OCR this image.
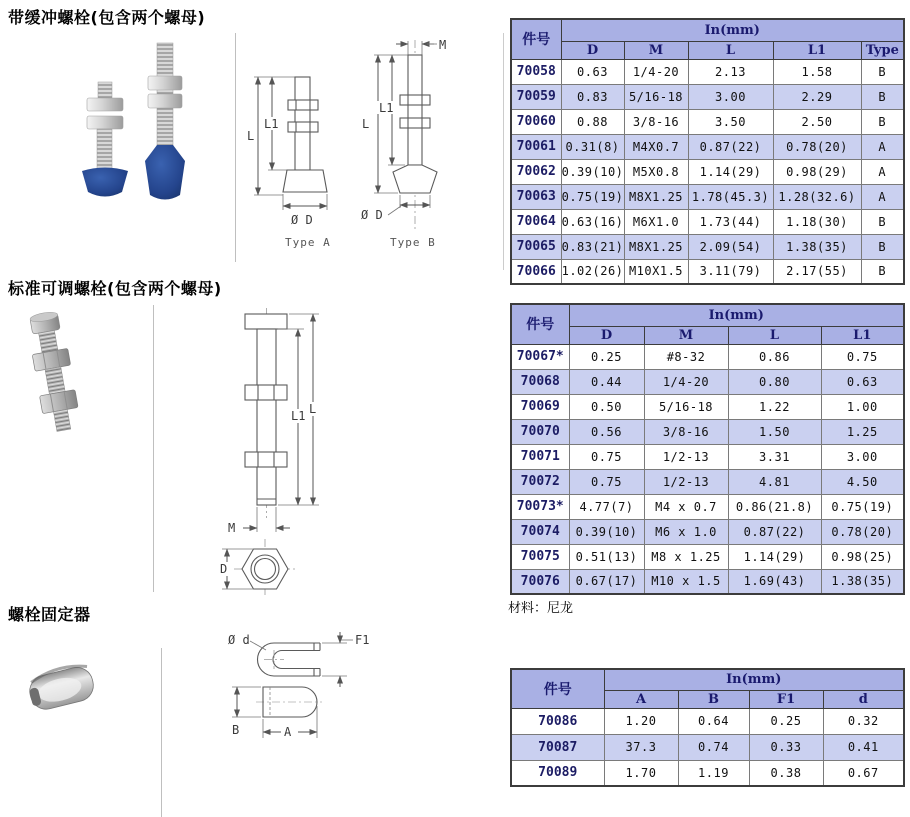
带缓冲螺栓(包含两个螺母)
L
L1
Ø D
Type A
M
L
L1
Ø D
Type B
标准可调螺栓(包含两个螺母)
M
L1 L
D
螺栓固定器
Ø d	F1
B	A
件号	In(mm)				
	D	M	L	L1	Type
70058	0.63	1/4-20	2.13	1.58	B
70059	0.83	5/16-18	3.00	2.29	B
70060	0.88	3/8-16	3.50	2.50	B
70061	0.31(8)	M4X0.7	0.87(22)	0.78(20)	A
70062	0.39(10)	M5X0.8	1.14(29)	0.98(29)	A
70063	0.75(19)	M8X1.25	1.78(45.3)	1.28(32.6)	A
70064	0.63(16)	M6X1.0	1.73(44)	1.18(30)	B
70065	0.83(21)	M8X1.25	2.09(54)	1.38(35)	B
70066	1.02(26)	M10X1.5	3.11(79)	2.17(55)	B
件号	In(mm)			
	D	M	L	L1
70067*	0.25	#8-32	0.86	0.75
70068	0.44	1/4-20	0.80	0.63
70069	0.50	5/16-18	1.22	1.00
70070	0.56	3/8-16	1.50	1.25
70071	0.75	1/2-13	3.31	3.00
70072	0.75	1/2-13	4.81	4.50
70073*	4.77(7)	M4 x 0.7	0.86(21.8)	0.75(19)
70074	0.39(10)	M6 x 1.0	0.87(22)	0.78(20)
70075	0.51(13)	M8 x 1.25	1.14(29)	0.98(25)
70076	0.67(17)	M10 x 1.5	1.69(43)	1.38(35)
材料：尼龙
件号	In(mm)			
	A	B	F1	d
70086	1.20	0.64	0.25	0.32
70087	37.3	0.74	0.33	0.41
70089	1.70	1.19	0.38	0.67
